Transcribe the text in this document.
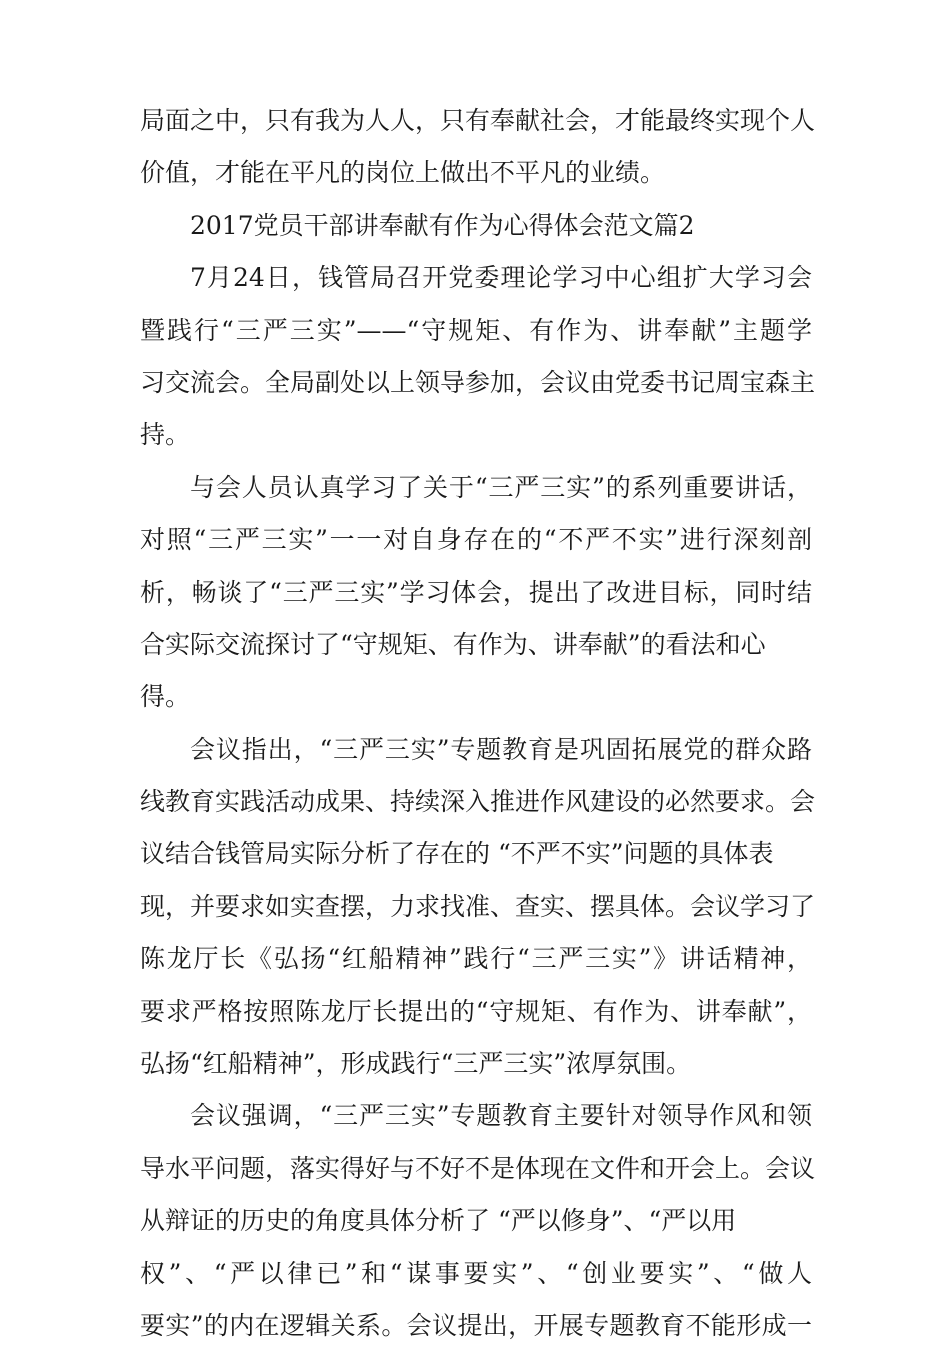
局面之中，只有我为人人，只有奉献社会，才能最终实现个人
价值，才能在平凡的岗位上做出不平凡的业绩。
2017党员干部讲奉献有作为心得体会范文篇2
7月24日，钱管局召开党委理论学习中心组扩大学习会
暨践行“三严三实”——“守规矩、有作为、讲奉献”主题学
习交流会。全局副处以上领导参加，会议由党委书记周宝森主
持。
与会人员认真学习了关于“三严三实”的系列重要讲话，
对照“三严三实”一一对自身存在的“不严不实”进行深刻剖
析，畅谈了“三严三实”学习体会，提出了改进目标，同时结
合实际交流探讨了“守规矩、有作为、讲奉献”的看法和心
得。
会议指出，“三严三实”专题教育是巩固拓展党的群众路
线教育实践活动成果、持续深入推进作风建设的必然要求。会
议结合钱管局实际分析了存在的 “不严不实”问题的具体表
现，并要求如实查摆，力求找准、查实、摆具体。会议学习了
陈龙厅长《弘扬“红船精神”践行“三严三实”》讲话精神，
要求严格按照陈龙厅长提出的“守规矩、有作为、讲奉献”，
弘扬“红船精神”，形成践行“三严三实”浓厚氛围。
会议强调，“三严三实”专题教育主要针对领导作风和领
导水平问题，落实得好与不好不是体现在文件和开会上。会议
从辩证的历史的角度具体分析了 “严以修身”、“严以用
权”、“严以律已”和“谋事要实”、“创业要实”、“做人
要实”的内在逻辑关系。会议提出，开展专题教育不能形成一
